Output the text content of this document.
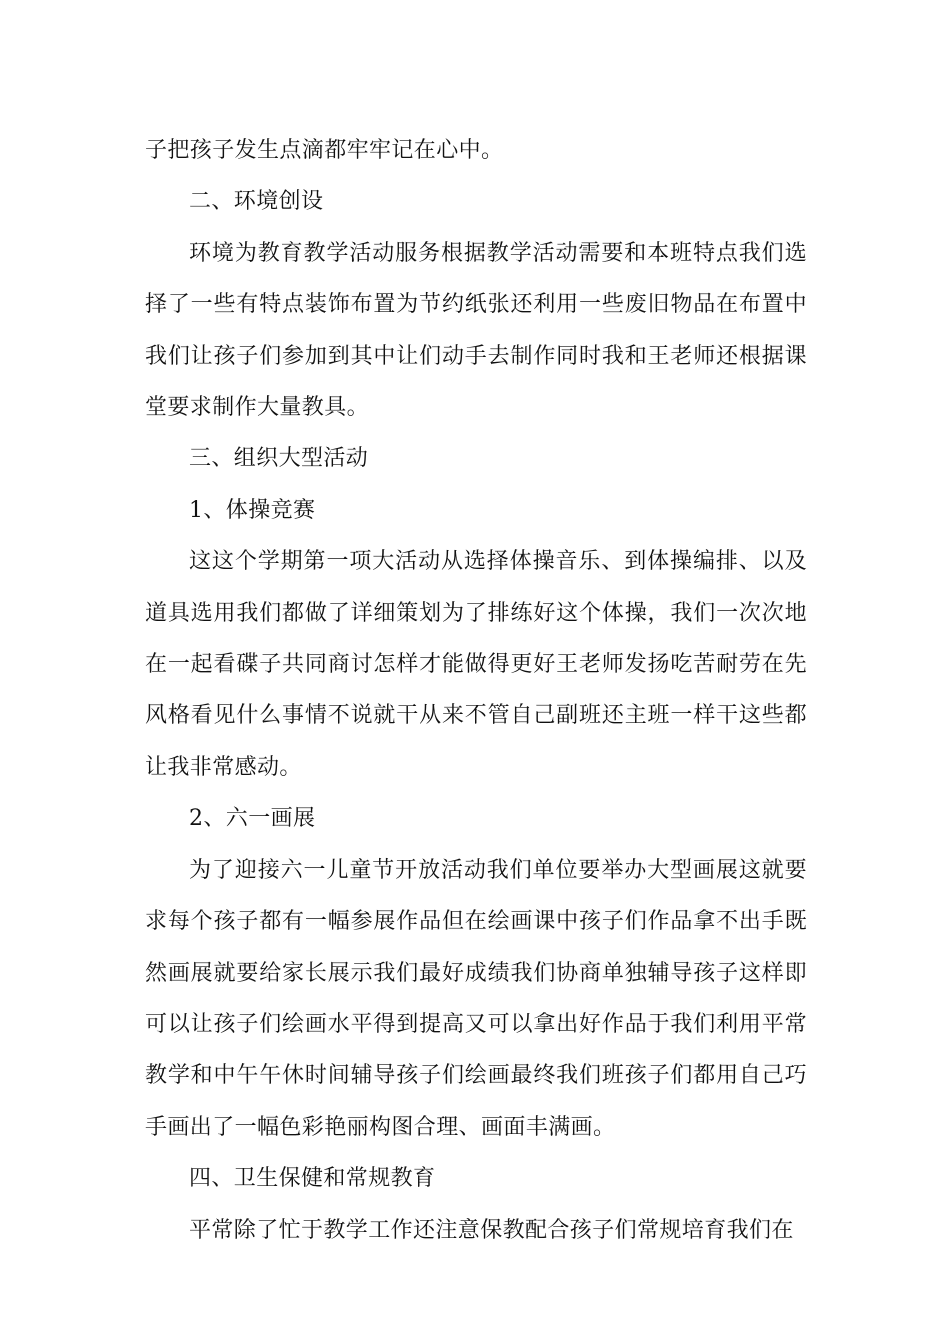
子把孩子发生点滴都牢牢记在心中。

二、环境创设

环境为教育教学活动服务根据教学活动需要和本班特点我们选择了一些有特点装饰布置为节约纸张还利用一些废旧物品在布置中我们让孩子们参加到其中让们动手去制作同时我和王老师还根据课堂要求制作大量教具。

三、组织大型活动

1、体操竞赛

这这个学期第一项大活动从选择体操音乐、到体操编排、以及道具选用我们都做了详细策划为了排练好这个体操，我们一次次地在一起看碟子共同商讨怎样才能做得更好王老师发扬吃苦耐劳在先风格看见什么事情不说就干从来不管自己副班还主班一样干这些都让我非常感动。

2、六一画展

为了迎接六一儿童节开放活动我们单位要举办大型画展这就要求每个孩子都有一幅参展作品但在绘画课中孩子们作品拿不出手既然画展就要给家长展示我们最好成绩我们协商单独辅导孩子这样即可以让孩子们绘画水平得到提高又可以拿出好作品于我们利用平常教学和中午午休时间辅导孩子们绘画最终我们班孩子们都用自己巧手画出了一幅色彩艳丽构图合理、画面丰满画。

四、卫生保健和常规教育

平常除了忙于教学工作还注意保教配合孩子们常规培育我们在
